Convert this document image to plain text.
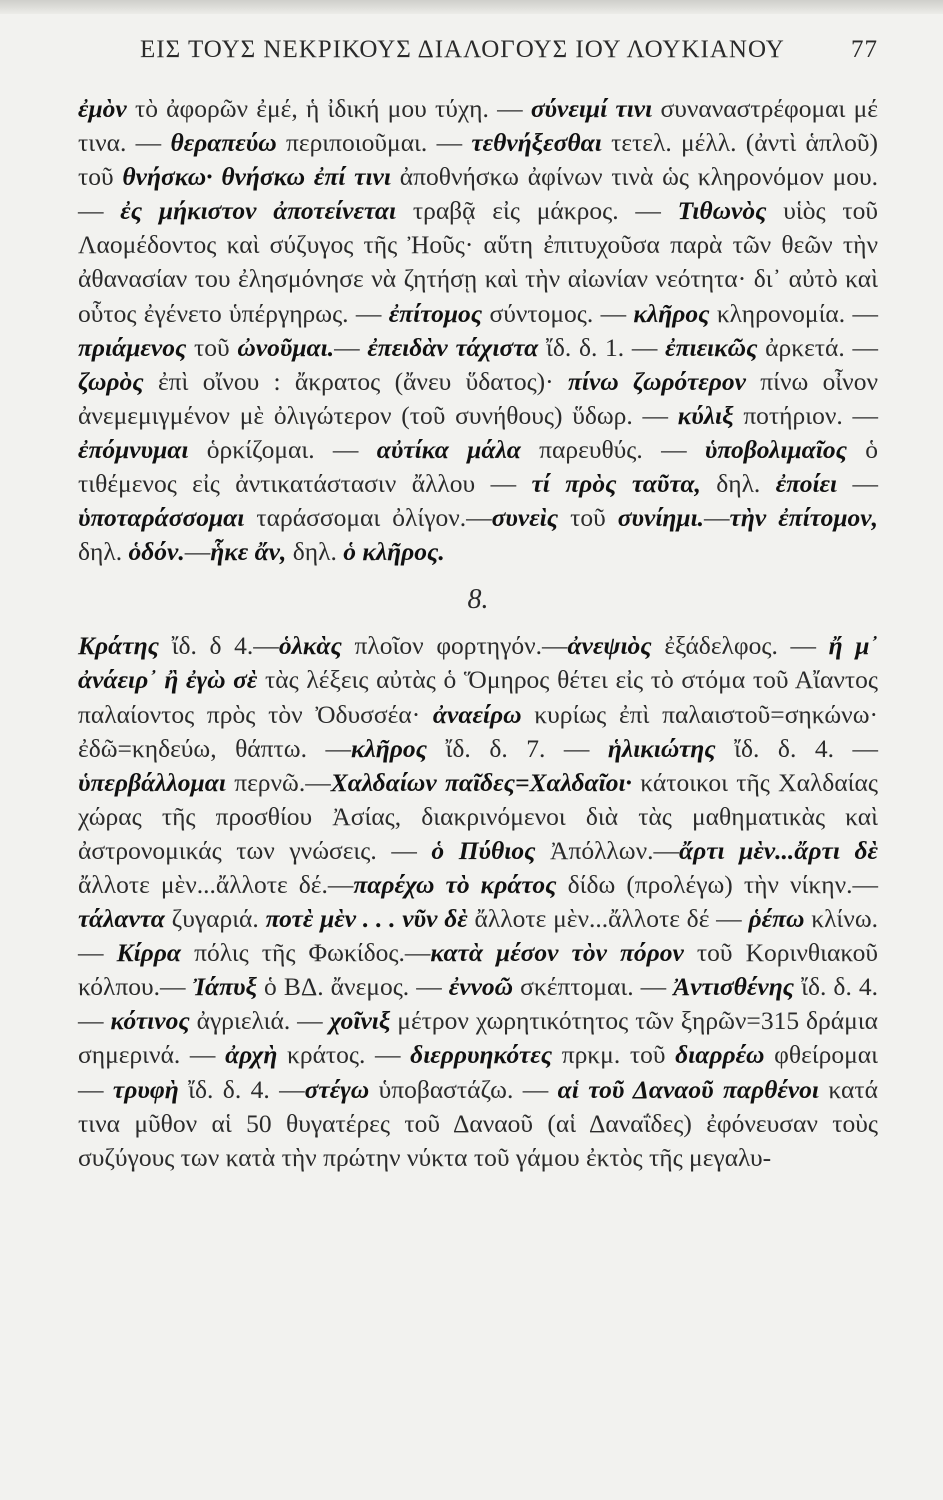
ΕΙΣ ΤΟΥΣ ΝΕΚΡΙΚΟΥΣ ΔΙΑΛΟΓΟΥΣ ΙΟΥ ΛΟΥΚΙΑΝΟΥ	77

ἐμὸν τὸ ἀφορῶν ἐμέ, ἡ ἰδική μου τύχη. — σύνειμί τινι συναναστρέφομαι μέ τινα. — θεραπεύω περιποιοῦμαι. — τεθνήξεσθαι τετελ. μέλλ. (ἀντὶ ἁπλοῦ) τοῦ θνήσκω· θνήσκω ἐπί τινι ἀποθνήσκω ἀφίνων τινὰ ὡς κληρονόμον μου. — ἐς μήκιστον ἀποτείνεται τραβᾷ εἰς μάκρος. — Τιθωνὸς υἱὸς τοῦ Λαομέδοντος καὶ σύζυγος τῆς Ἠοῦς· αὕτη ἐπιτυχοῦσα παρὰ τῶν θεῶν τὴν ἀθανασίαν του ἐλησμόνησε νὰ ζητήσῃ καὶ τὴν αἰωνίαν νεότητα· δι᾽ αὐτὸ καὶ οὗτος ἐγένετο ὑπέργηρως. — ἐπίτομος σύντομος. — κλῆρος κληρονομία. — πριάμενος τοῦ ὠνοῦμαι.— ἐπειδὰν τάχιστα ἴδ. δ. 1. — ἐπιεικῶς ἀρκετά. — ζωρὸς ἐπὶ οἴνου : ἄκρατος (ἄνευ ὕδατος)· πίνω ζωρότερον πίνω οἶνον ἀνεμεμιγμένον μὲ ὀλιγώτερον (τοῦ συνήθους) ὕδωρ. — κύλιξ ποτήριον. — ἐπόμνυμαι ὁρκίζομαι. — αὐτίκα μάλα παρευθύς. — ὑποβολιμαῖος ὁ τιθέμενος εἰς ἀντικατάστασιν ἄλλου — τί πρὸς ταῦτα, δηλ. ἐποίει — ὑποταράσσομαι ταράσσομαι ὀλίγον.—συνεὶς τοῦ συνίημι.—τὴν ἐπίτομον, δηλ. ὁδόν.—ἧκε ἄν, δηλ. ὁ κλῆρος.

8.

Κράτης ἴδ. δ 4.—ὁλκὰς πλοῖον φορτηγόν.—ἀνεψιὸς ἐξάδελφος. — ἤ μ᾽ ἀνάειρ᾽ ἢ ἐγὼ σὲ τὰς λέξεις αὐτὰς ὁ Ὅμηρος θέτει εἰς τὸ στόμα τοῦ Αἴαντος παλαίοντος πρὸς τὸν Ὀδυσσέα· ἀναείρω κυρίως ἐπὶ παλαιστοῦ=σηκώνω· ἐδῶ=κηδεύω, θάπτω. —κλῆρος ἴδ. δ. 7. — ἡλικιώτης ἴδ. δ. 4. — ὑπερβάλλομαι περνῶ.—Χαλδαίων παῖδες=Χαλδαῖοι· κάτοικοι τῆς Χαλδαίας χώρας τῆς προσθίου Ἀσίας, διακρινόμενοι διὰ τὰς μαθηματικὰς καὶ ἀστρονομικάς των γνώσεις. — ὁ Πύθιος Ἀπόλλων.—ἄρτι μὲν...ἄρτι δὲ ἄλλοτε μὲν...ἄλλοτε δέ.—παρέχω τὸ κράτος δίδω (προλέγω) τὴν νίκην.—τάλαντα ζυγαριά. ποτὲ μὲν . . . νῦν δὲ ἄλλοτε μὲν...ἄλλοτε δέ — ῥέπω κλίνω. — Κίρρα πόλις τῆς Φωκίδος.—κατὰ μέσον τὸν πόρον τοῦ Κορινθιακοῦ κόλπου.— Ἰάπυξ ὁ ΒΔ. ἄνεμος. — ἐννοῶ σκέπτομαι. — Ἀντισθένης ἴδ. δ. 4. — κότινος ἀγριελιά. — χοῖνιξ μέτρον χωρητικότητος τῶν ξηρῶν=315 δράμια σημερινά. — ἀρχὴ κράτος. — διερρυηκότες πρκμ. τοῦ διαρρέω φθείρομαι — τρυφὴ ἴδ. δ. 4. —στέγω ὑποβαστάζω. — αἱ τοῦ Δαναοῦ παρθένοι κατά τινα μῦθον αἱ 50 θυγατέρες τοῦ Δαναοῦ (αἱ Δαναΐδες) ἐφόνευσαν τοὺς συζύγους των κατὰ τὴν πρώτην νύκτα τοῦ γάμου ἐκτὸς τῆς μεγαλυ-
